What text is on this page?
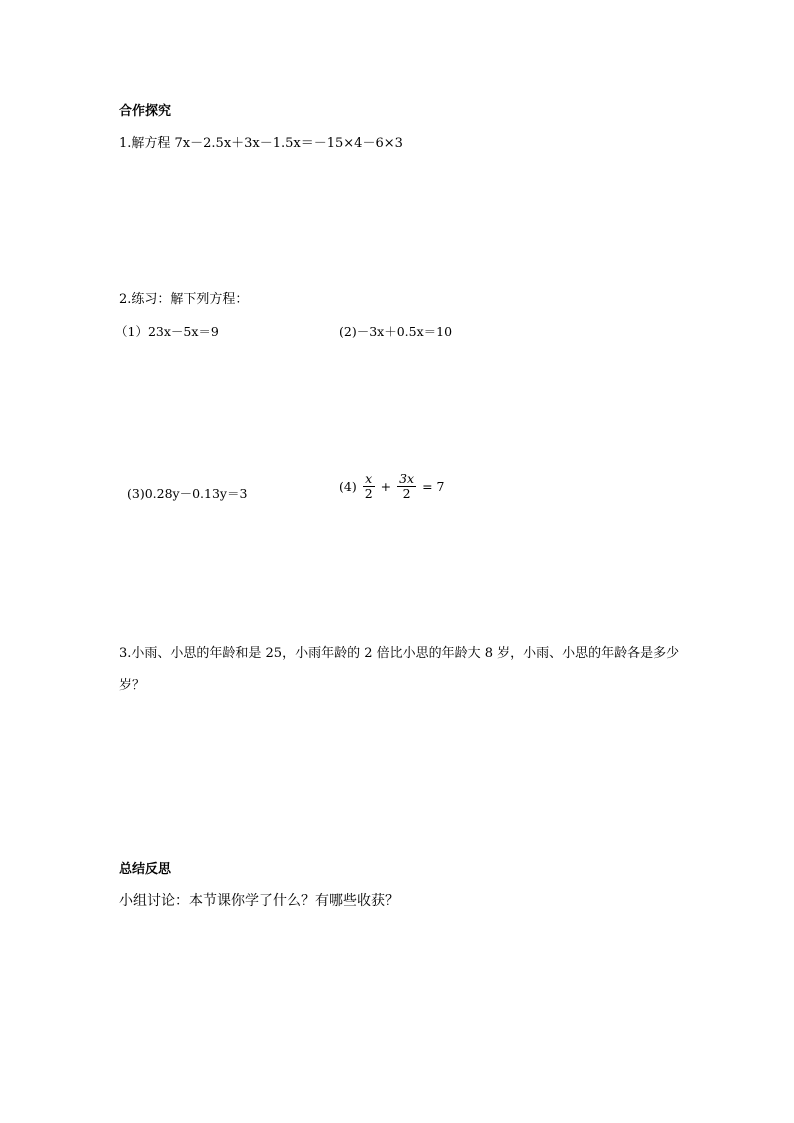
合作探究
1.解方程 7x－2.5x＋3x－1.5x＝－15×4－6×3
2.练习：解下列方程：
（1）23x－5x＝9	(2)－3x＋0.5x＝10
(3)0.28y－0.13y＝3	$(4) \frac{x}{2} + \frac{3x}{2} = 7$
3.小雨、小思的年龄和是 25，小雨年龄的 2 倍比小思的年龄大 8 岁，小雨、小思的年龄各是多少
岁？
总结反思
小组讨论：本节课你学了什么？有哪些收获？
